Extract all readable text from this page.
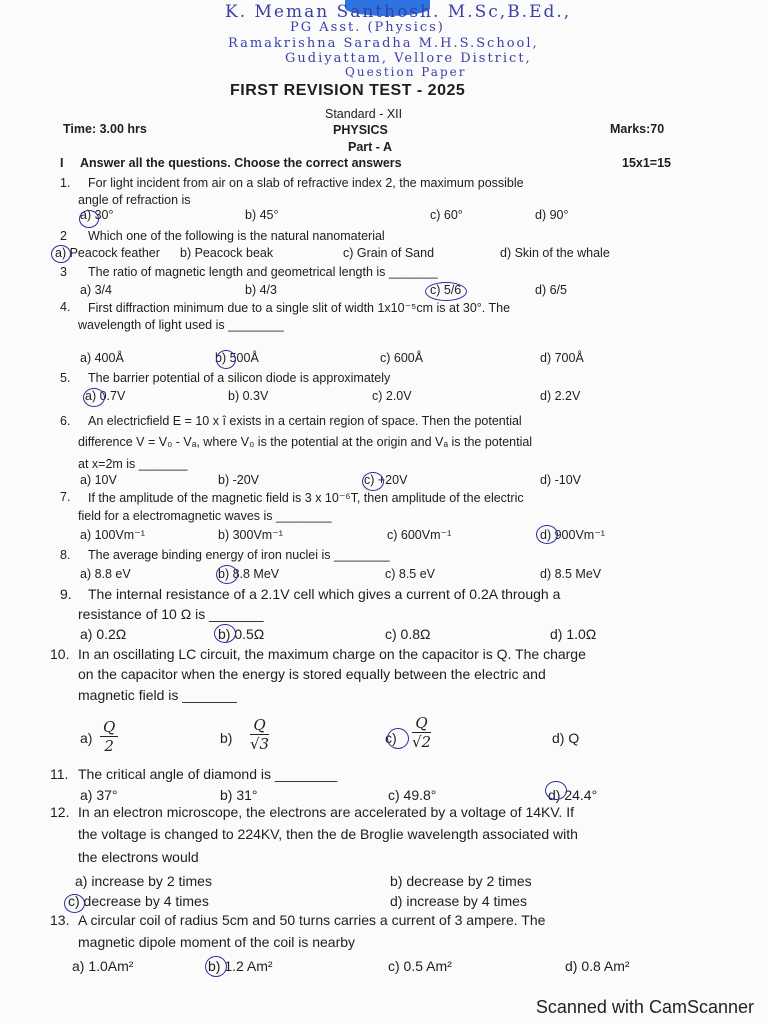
K. Meman Santhosh. M.Sc,B.Ed.,
PG Asst. (Physics)
Ramakrishna Saradha M.H.S.School,
Gudiyattam, Vellore District,
Question Paper
FIRST REVISION TEST - 2025
Standard - XII
Time: 3.00 hrs	PHYSICS	Marks:70
Part - A
I Answer all the questions. Choose the correct answers	15x1=15
1. For light incident from air on a slab of refractive index 2, the maximum possible
angle of refraction is
a) 30°	b) 45°	c) 60°	d) 90°
2 Which one of the following is the natural nanomaterial
a) Peacock feather b) Peacock beak	c) Grain of Sand	d) Skin of the whale
3 The ratio of magnetic length and geometrical length is _______
a) 3/4	b) 4/3	c) 5/6	d) 6/5
4. First diffraction minimum due to a single slit of width 1x10⁻⁵cm is at 30°. The
wavelength of light used is ________
a) 400Å	b) 500Å	c) 600Å	d) 700Å
5. The barrier potential of a silicon diode is approximately
a) 0.7V	b) 0.3V	c) 2.0V	d) 2.2V
6. An electricfield E = 10 x î exists in a certain region of space. Then the potential
difference V = V₀ - Vₐ, where V₀ is the potential at the origin and Vₐ is the potential
at x=2m is _______
a) 10V	b) -20V	c) +20V	d) -10V
7. If the amplitude of the magnetic field is 3 x 10⁻⁶T, then amplitude of the electric
field for a electromagnetic waves is ________
a) 100Vm⁻¹	b) 300Vm⁻¹	c) 600Vm⁻¹	d) 900Vm⁻¹
8. The average binding energy of iron nuclei is ________
a) 8.8 eV	b) 8.8 MeV	c) 8.5 eV	d) 8.5 MeV
9. The internal resistance of a 2.1V cell which gives a current of 0.2A through a
resistance of 10 Ω is _______
a) 0.2Ω	b) 0.5Ω	c) 0.8Ω	d) 1.0Ω
10. In an oscillating LC circuit, the maximum charge on the capacitor is Q. The charge
on the capacitor when the energy is stored equally between the electric and
magnetic field is _______
a)	b)	c)	d) Q
11. The critical angle of diamond is ________
a) 37°	b) 31°	c) 49.8°	d) 24.4°
12. In an electron microscope, the electrons are accelerated by a voltage of 14KV. If
the voltage is changed to 224KV, then the de Broglie wavelength associated with
the electrons would
a) increase by 2 times	b) decrease by 2 times
c) decrease by 4 times	d) increase by 4 times
13. A circular coil of radius 5cm and 50 turns carries a current of 3 ampere. The
magnetic dipole moment of the coil is nearby
a) 1.0Am²	b) 1.2 Am²	c) 0.5 Am²	d) 0.8 Am²
$\frac{Q}{2}$	$\frac{Q}{√3}$	$\frac{Q}{√2}$
Scanned with CamScanner
